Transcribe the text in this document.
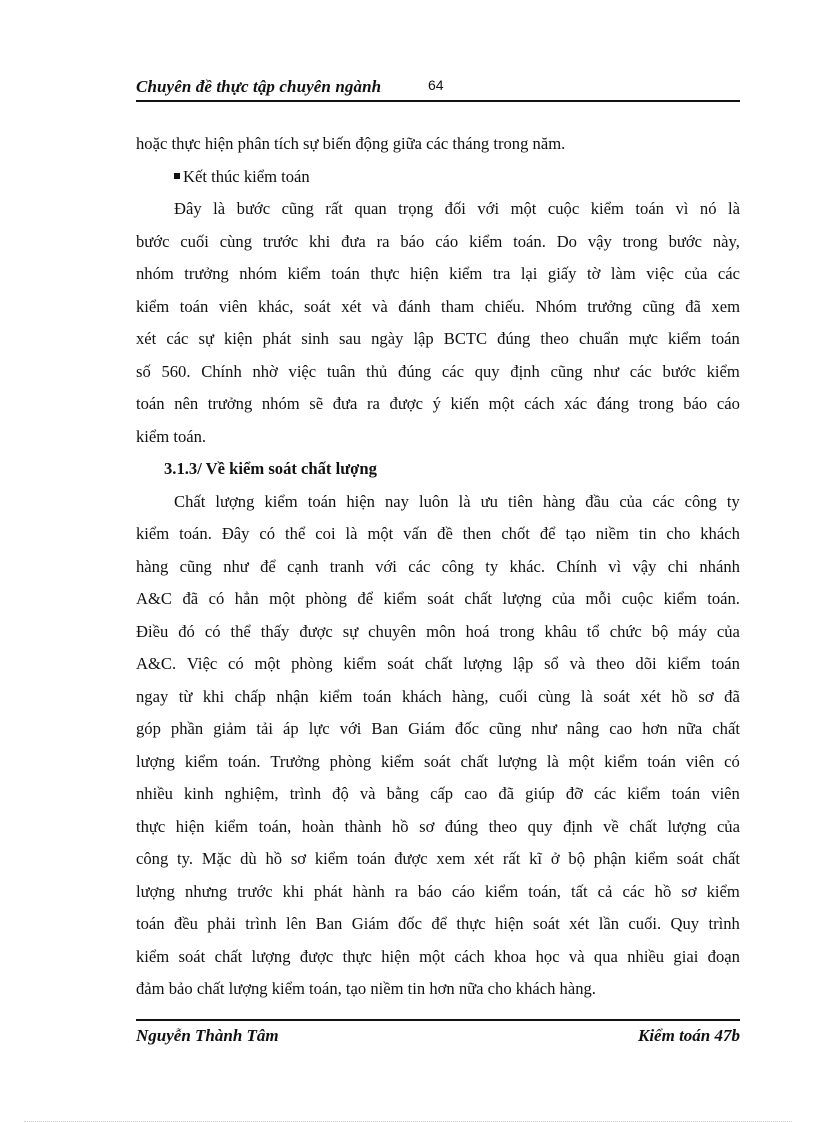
Chuyên đề thực tập chuyên ngành	64
hoặc thực hiện phân tích sự biến động giữa các tháng trong năm.
Kết thúc kiểm toán
Đây là bước cũng rất quan trọng đối với một cuộc kiểm toán vì nó là
bước cuối cùng trước khi đưa ra báo cáo kiểm toán. Do vậy trong bước này,
nhóm trưởng nhóm kiểm toán thực hiện kiểm tra lại giấy tờ làm việc của các
kiểm toán viên khác, soát xét và đánh tham chiếu. Nhóm trưởng cũng đã xem
xét các sự kiện phát sinh sau ngày lập BCTC đúng theo chuẩn mực kiểm toán
số 560. Chính nhờ việc tuân thủ đúng các quy định cũng như các bước kiểm
toán nên trưởng nhóm sẽ đưa ra được ý kiến một cách xác đáng trong báo cáo
kiểm toán.
3.1.3/ Về kiểm soát chất lượng
Chất lượng kiểm toán hiện nay luôn là ưu tiên hàng đầu của các công ty
kiểm toán. Đây có thể coi là một vấn đề then chốt để tạo niềm tin cho khách
hàng cũng như để cạnh tranh với các công ty khác. Chính vì vậy chi nhánh
A&C đã có hẳn một phòng để kiểm soát chất lượng của mỗi cuộc kiểm toán.
Điều đó có thể thấy được sự chuyên môn hoá trong khâu tổ chức bộ máy của
A&C. Việc có một phòng kiểm soát chất lượng lập sổ và theo dõi kiểm toán
ngay từ khi chấp nhận kiểm toán khách hàng, cuối cùng là soát xét hồ sơ đã
góp phần giảm tải áp lực với Ban Giám đốc cũng như nâng cao hơn nữa chất
lượng kiểm toán. Trưởng phòng kiểm soát chất lượng là một kiểm toán viên có
nhiều kinh nghiệm, trình độ và bằng cấp cao đã giúp đỡ các kiểm toán viên
thực hiện kiểm toán, hoàn thành hồ sơ đúng theo quy định về chất lượng của
công ty. Mặc dù hồ sơ kiểm toán được xem xét rất kĩ ở bộ phận kiểm soát chất
lượng nhưng trước khi phát hành ra báo cáo kiểm toán, tất cả các hồ sơ kiểm
toán đều phải trình lên Ban Giám đốc để thực hiện soát xét lần cuối. Quy trình
kiểm soát chất lượng được thực hiện một cách khoa học và qua nhiều giai đoạn
đảm bảo chất lượng kiểm toán, tạo niềm tin hơn nữa cho khách hàng.
Nguyễn Thành Tâm	Kiểm toán 47b
